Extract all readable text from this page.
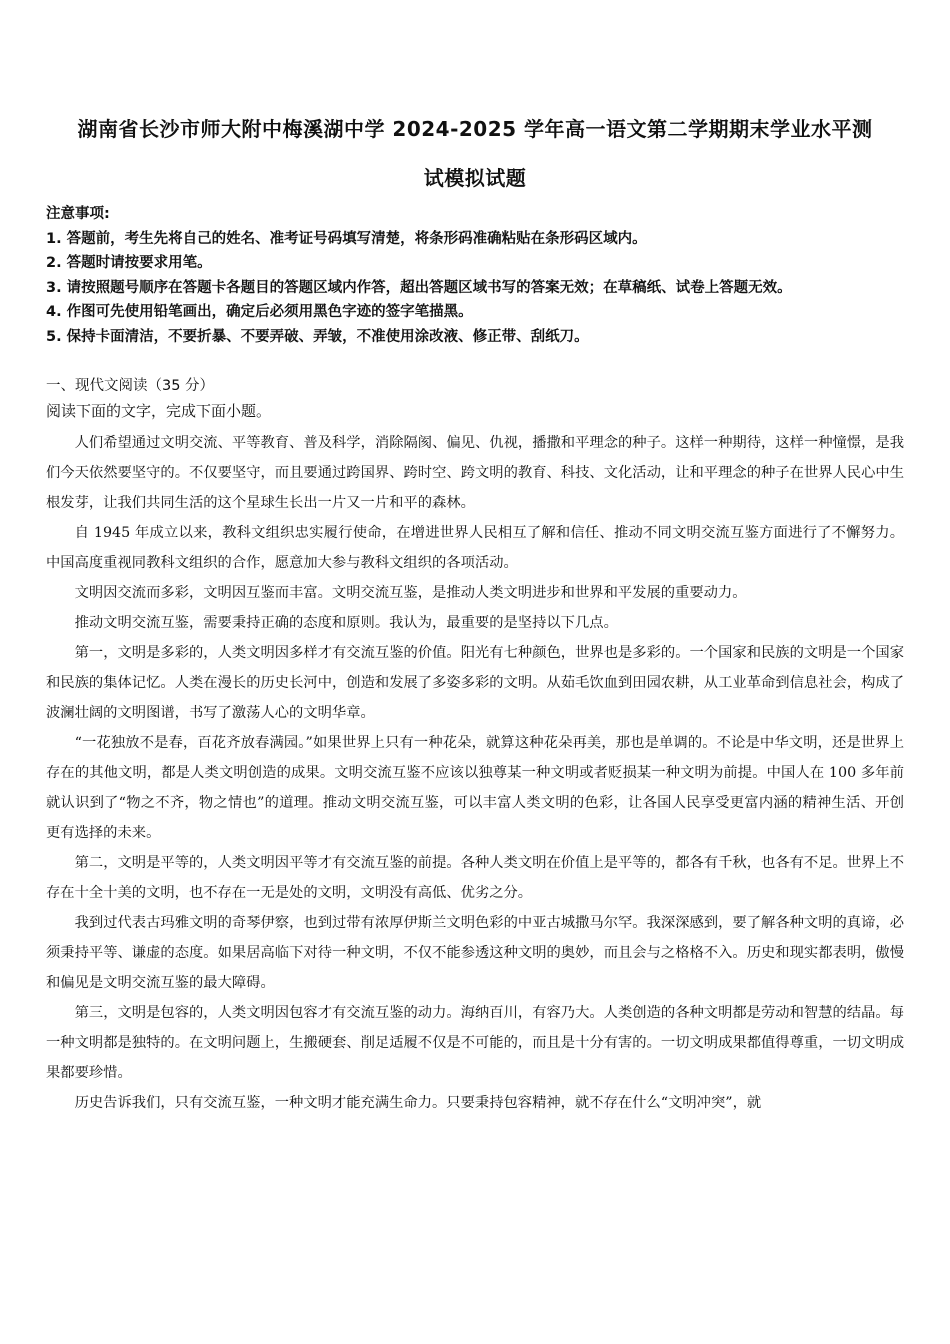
湖南省长沙市师大附中梅溪湖中学 2024-2025 学年高一语文第二学期期末学业水平测
试模拟试题
注意事项:
1. 答题前，考生先将自己的姓名、准考证号码填写清楚，将条形码准确粘贴在条形码区域内。
2. 答题时请按要求用笔。
3. 请按照题号顺序在答题卡各题目的答题区域内作答，超出答题区域书写的答案无效；在草稿纸、试卷上答题无效。
4. 作图可先使用铅笔画出，确定后必须用黑色字迹的签字笔描黑。
5. 保持卡面清洁，不要折暴、不要弄破、弄皱，不准使用涂改液、修正带、刮纸刀。
一、现代文阅读（35 分）
阅读下面的文字，完成下面小题。

人们希望通过文明交流、平等教育、普及科学，消除隔阂、偏见、仇视，播撒和平理念的种子。这样一种期待，这样一种憧憬，是我们今天依然要坚守的。不仅要坚守，而且要通过跨国界、跨时空、跨文明的教育、科技、文化活动，让和平理念的种子在世界人民心中生根发芽，让我们共同生活的这个星球生长出一片又一片和平的森林。

自 1945 年成立以来，教科文组织忠实履行使命，在增进世界人民相互了解和信任、推动不同文明交流互鉴方面进行了不懈努力。中国高度重视同教科文组织的合作，愿意加大参与教科文组织的各项活动。

文明因交流而多彩，文明因互鉴而丰富。文明交流互鉴，是推动人类文明进步和世界和平发展的重要动力。

推动文明交流互鉴，需要秉持正确的态度和原则。我认为，最重要的是坚持以下几点。

第一，文明是多彩的，人类文明因多样才有交流互鉴的价值。阳光有七种颜色，世界也是多彩的。一个国家和民族的文明是一个国家和民族的集体记忆。人类在漫长的历史长河中，创造和发展了多姿多彩的文明。从茹毛饮血到田园农耕，从工业革命到信息社会，构成了波澜壮阔的文明图谱，书写了激荡人心的文明华章。

“一花独放不是春，百花齐放春满园。”如果世界上只有一种花朵，就算这种花朵再美，那也是单调的。不论是中华文明，还是世界上存在的其他文明，都是人类文明创造的成果。文明交流互鉴不应该以独尊某一种文明或者贬损某一种文明为前提。中国人在 100 多年前就认识到了“物之不齐，物之情也”的道理。推动文明交流互鉴，可以丰富人类文明的色彩，让各国人民享受更富内涵的精神生活、开创更有选择的未来。

第二，文明是平等的，人类文明因平等才有交流互鉴的前提。各种人类文明在价值上是平等的，都各有千秋，也各有不足。世界上不存在十全十美的文明，也不存在一无是处的文明，文明没有高低、优劣之分。

我到过代表古玛雅文明的奇琴伊察，也到过带有浓厚伊斯兰文明色彩的中亚古城撒马尔罕。我深深感到，要了解各种文明的真谛，必须秉持平等、谦虚的态度。如果居高临下对待一种文明，不仅不能参透这种文明的奥妙，而且会与之格格不入。历史和现实都表明，傲慢和偏见是文明交流互鉴的最大障碍。

第三，文明是包容的，人类文明因包容才有交流互鉴的动力。海纳百川，有容乃大。人类创造的各种文明都是劳动和智慧的结晶。每一种文明都是独特的。在文明问题上，生搬硬套、削足适履不仅是不可能的，而且是十分有害的。一切文明成果都值得尊重，一切文明成果都要珍惜。

历史告诉我们，只有交流互鉴，一种文明才能充满生命力。只要秉持包容精神，就不存在什么“文明冲突”，就
